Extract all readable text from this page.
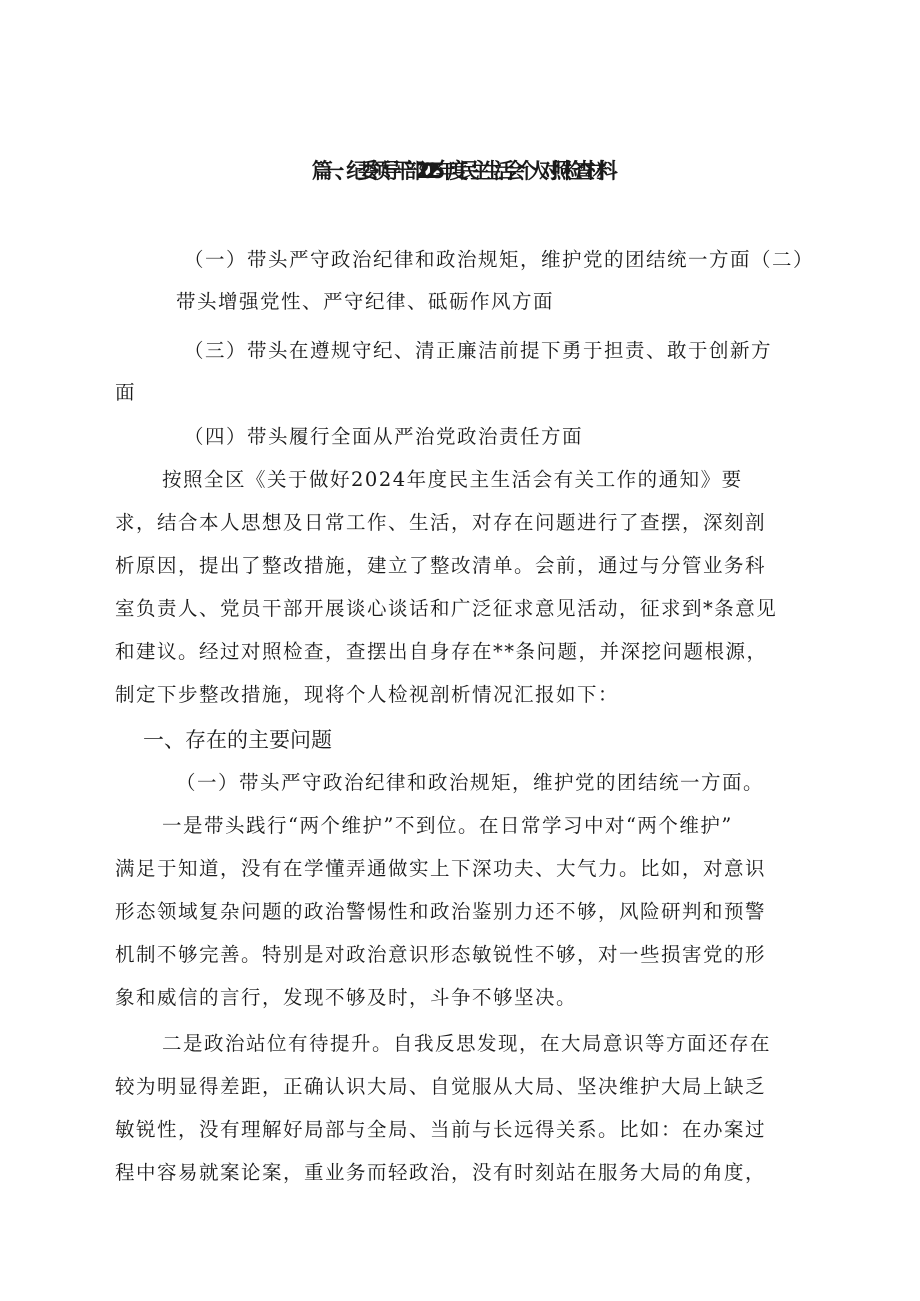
篇一、纪委领导干部2025年度民主生活会个人对照检查材料
（一）带头严守政治纪律和政治规矩，维护党的团结统一方面（二）
带头增强党性、严守纪律、砥砺作风方面
（三）带头在遵规守纪、清正廉洁前提下勇于担责、敢于创新方
面
（四）带头履行全面从严治党政治责任方面
按照全区《关于做好2024年度民主生活会有关工作的通知》要
求，结合本人思想及日常工作、生活，对存在问题进行了查摆，深刻剖
析原因，提出了整改措施，建立了整改清单。会前，通过与分管业务科
室负责人、党员干部开展谈心谈话和广泛征求意见活动，征求到*条意见
和建议。经过对照检查，查摆出自身存在**条问题，并深挖问题根源，
制定下步整改措施，现将个人检视剖析情况汇报如下：
一、存在的主要问题
（一）带头严守政治纪律和政治规矩，维护党的团结统一方面。
一是带头践行“两个维护”不到位。在日常学习中对“两个维护”
满足于知道，没有在学懂弄通做实上下深功夫、大气力。比如，对意识
形态领域复杂问题的政治警惕性和政治鉴别力还不够，风险研判和预警
机制不够完善。特别是对政治意识形态敏锐性不够，对一些损害党的形
象和威信的言行，发现不够及时，斗争不够坚决。
二是政治站位有待提升。自我反思发现，在大局意识等方面还存在
较为明显得差距，正确认识大局、自觉服从大局、坚决维护大局上缺乏
敏锐性，没有理解好局部与全局、当前与长远得关系。比如：在办案过
程中容易就案论案，重业务而轻政治，没有时刻站在服务大局的角度，
